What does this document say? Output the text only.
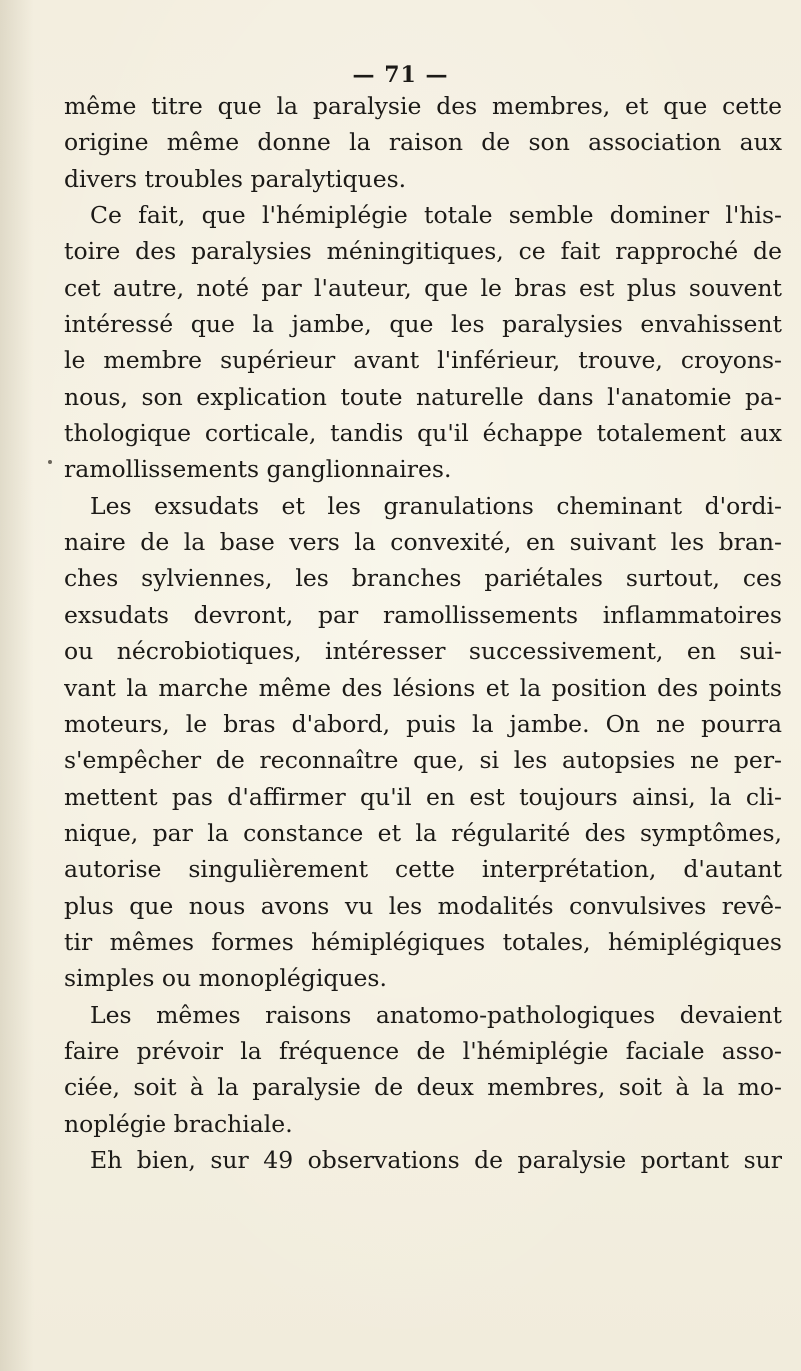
— 71 —
même titre que la paralysie des membres, et que cette
origine même donne la raison de son association aux
divers troubles paralytiques.
Ce fait, que l'hémiplégie totale semble dominer l'his-
toire des paralysies méningitiques, ce fait rapproché de
cet autre, noté par l'auteur, que le bras est plus souvent
intéressé que la jambe, que les paralysies envahissent
le membre supérieur avant l'inférieur, trouve, croyons-
nous, son explication toute naturelle dans l'anatomie pa-
thologique corticale, tandis qu'il échappe totalement aux
ramollissements ganglionnaires.
Les exsudats et les granulations cheminant d'ordi-
naire de la base vers la convexité, en suivant les bran-
ches sylviennes, les branches pariétales surtout, ces
exsudats devront, par ramollissements inflammatoires
ou nécrobiotiques, intéresser successivement, en sui-
vant la marche même des lésions et la position des points
moteurs, le bras d'abord, puis la jambe. On ne pourra
s'empêcher de reconnaître que, si les autopsies ne per-
mettent pas d'affirmer qu'il en est toujours ainsi, la cli-
nique, par la constance et la régularité des symptômes,
autorise singulièrement cette interprétation, d'autant
plus que nous avons vu les modalités convulsives revê-
tir mêmes formes hémiplégiques totales, hémiplégiques
simples ou monoplégiques.
Les mêmes raisons anatomo-pathologiques devaient
faire prévoir la fréquence de l'hémiplégie faciale asso-
ciée, soit à la paralysie de deux membres, soit à la mo-
noplégie brachiale.
Eh bien, sur 49 observations de paralysie portant sur
